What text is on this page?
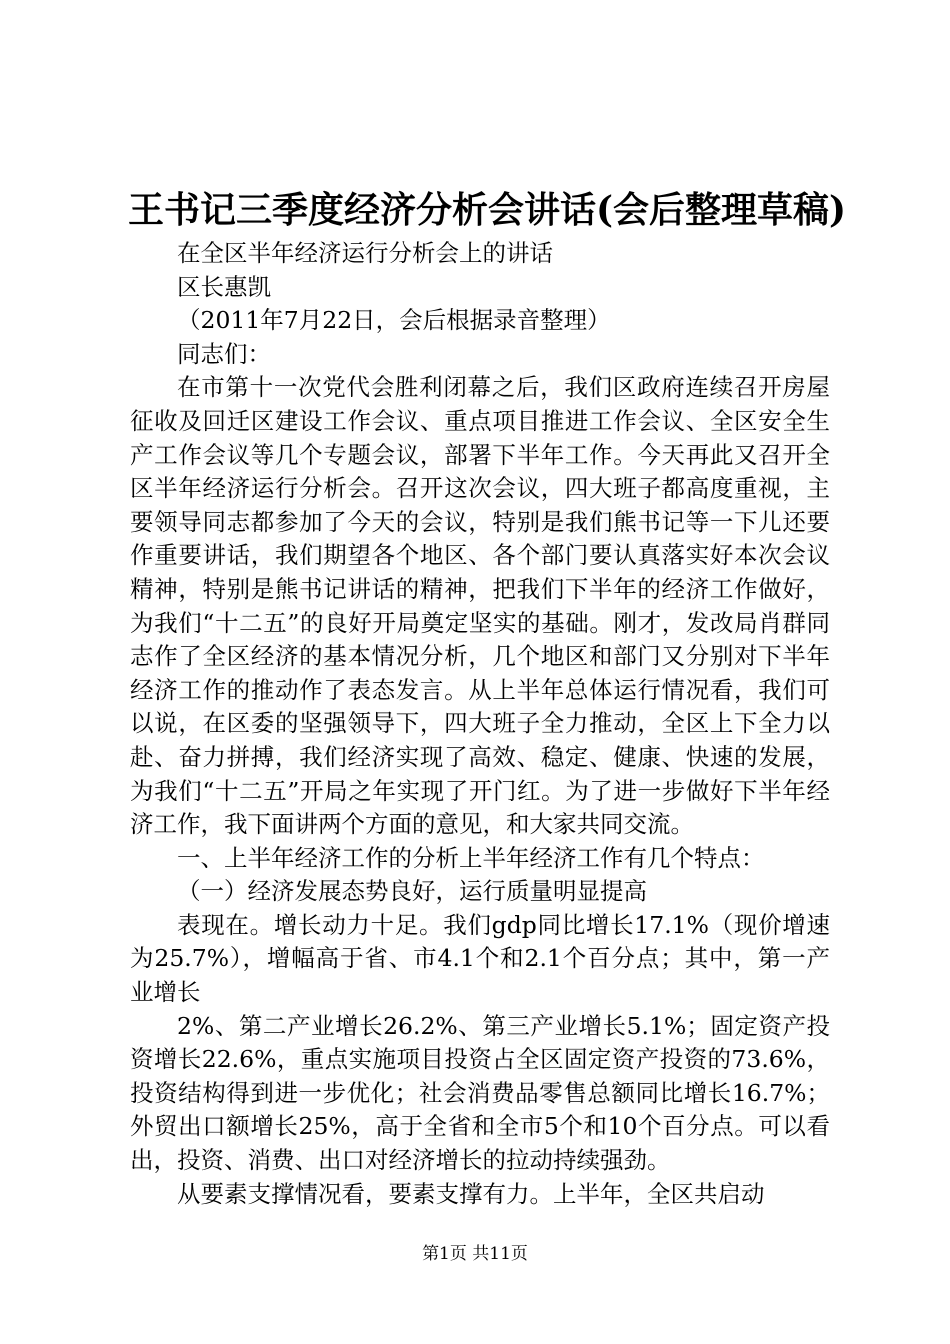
王书记三季度经济分析会讲话(会后整理草稿)

在全区半年经济运行分析会上的讲话

区长惠凯

（2011年7月22日，会后根据录音整理）

同志们：

在市第十一次党代会胜利闭幕之后，我们区政府连续召开房屋征收及回迁区建设工作会议、重点项目推进工作会议、全区安全生产工作会议等几个专题会议，部署下半年工作。今天再此又召开全区半年经济运行分析会。召开这次会议，四大班子都高度重视，主要领导同志都参加了今天的会议，特别是我们熊书记等一下儿还要作重要讲话，我们期望各个地区、各个部门要认真落实好本次会议精神，特别是熊书记讲话的精神，把我们下半年的经济工作做好，为我们“十二五”的良好开局奠定坚实的基础。刚才，发改局肖群同志作了全区经济的基本情况分析，几个地区和部门又分别对下半年经济工作的推动作了表态发言。从上半年总体运行情况看，我们可以说，在区委的坚强领导下，四大班子全力推动，全区上下全力以赴、奋力拼搏，我们经济实现了高效、稳定、健康、快速的发展，为我们“十二五”开局之年实现了开门红。为了进一步做好下半年经济工作，我下面讲两个方面的意见，和大家共同交流。

一、上半年经济工作的分析上半年经济工作有几个特点：

（一）经济发展态势良好，运行质量明显提高

表现在。增长动力十足。我们gdp同比增长17.1%（现价增速为25.7%），增幅高于省、市4.1个和2.1个百分点；其中，第一产业增长

2%、第二产业增长26.2%、第三产业增长5.1%；固定资产投资增长22.6%，重点实施项目投资占全区固定资产投资的73.6%，投资结构得到进一步优化；社会消费品零售总额同比增长16.7%；外贸出口额增长25%，高于全省和全市5个和10个百分点。可以看出，投资、消费、出口对经济增长的拉动持续强劲。

从要素支撑情况看，要素支撑有力。上半年，全区共启动

第1页 共11页
